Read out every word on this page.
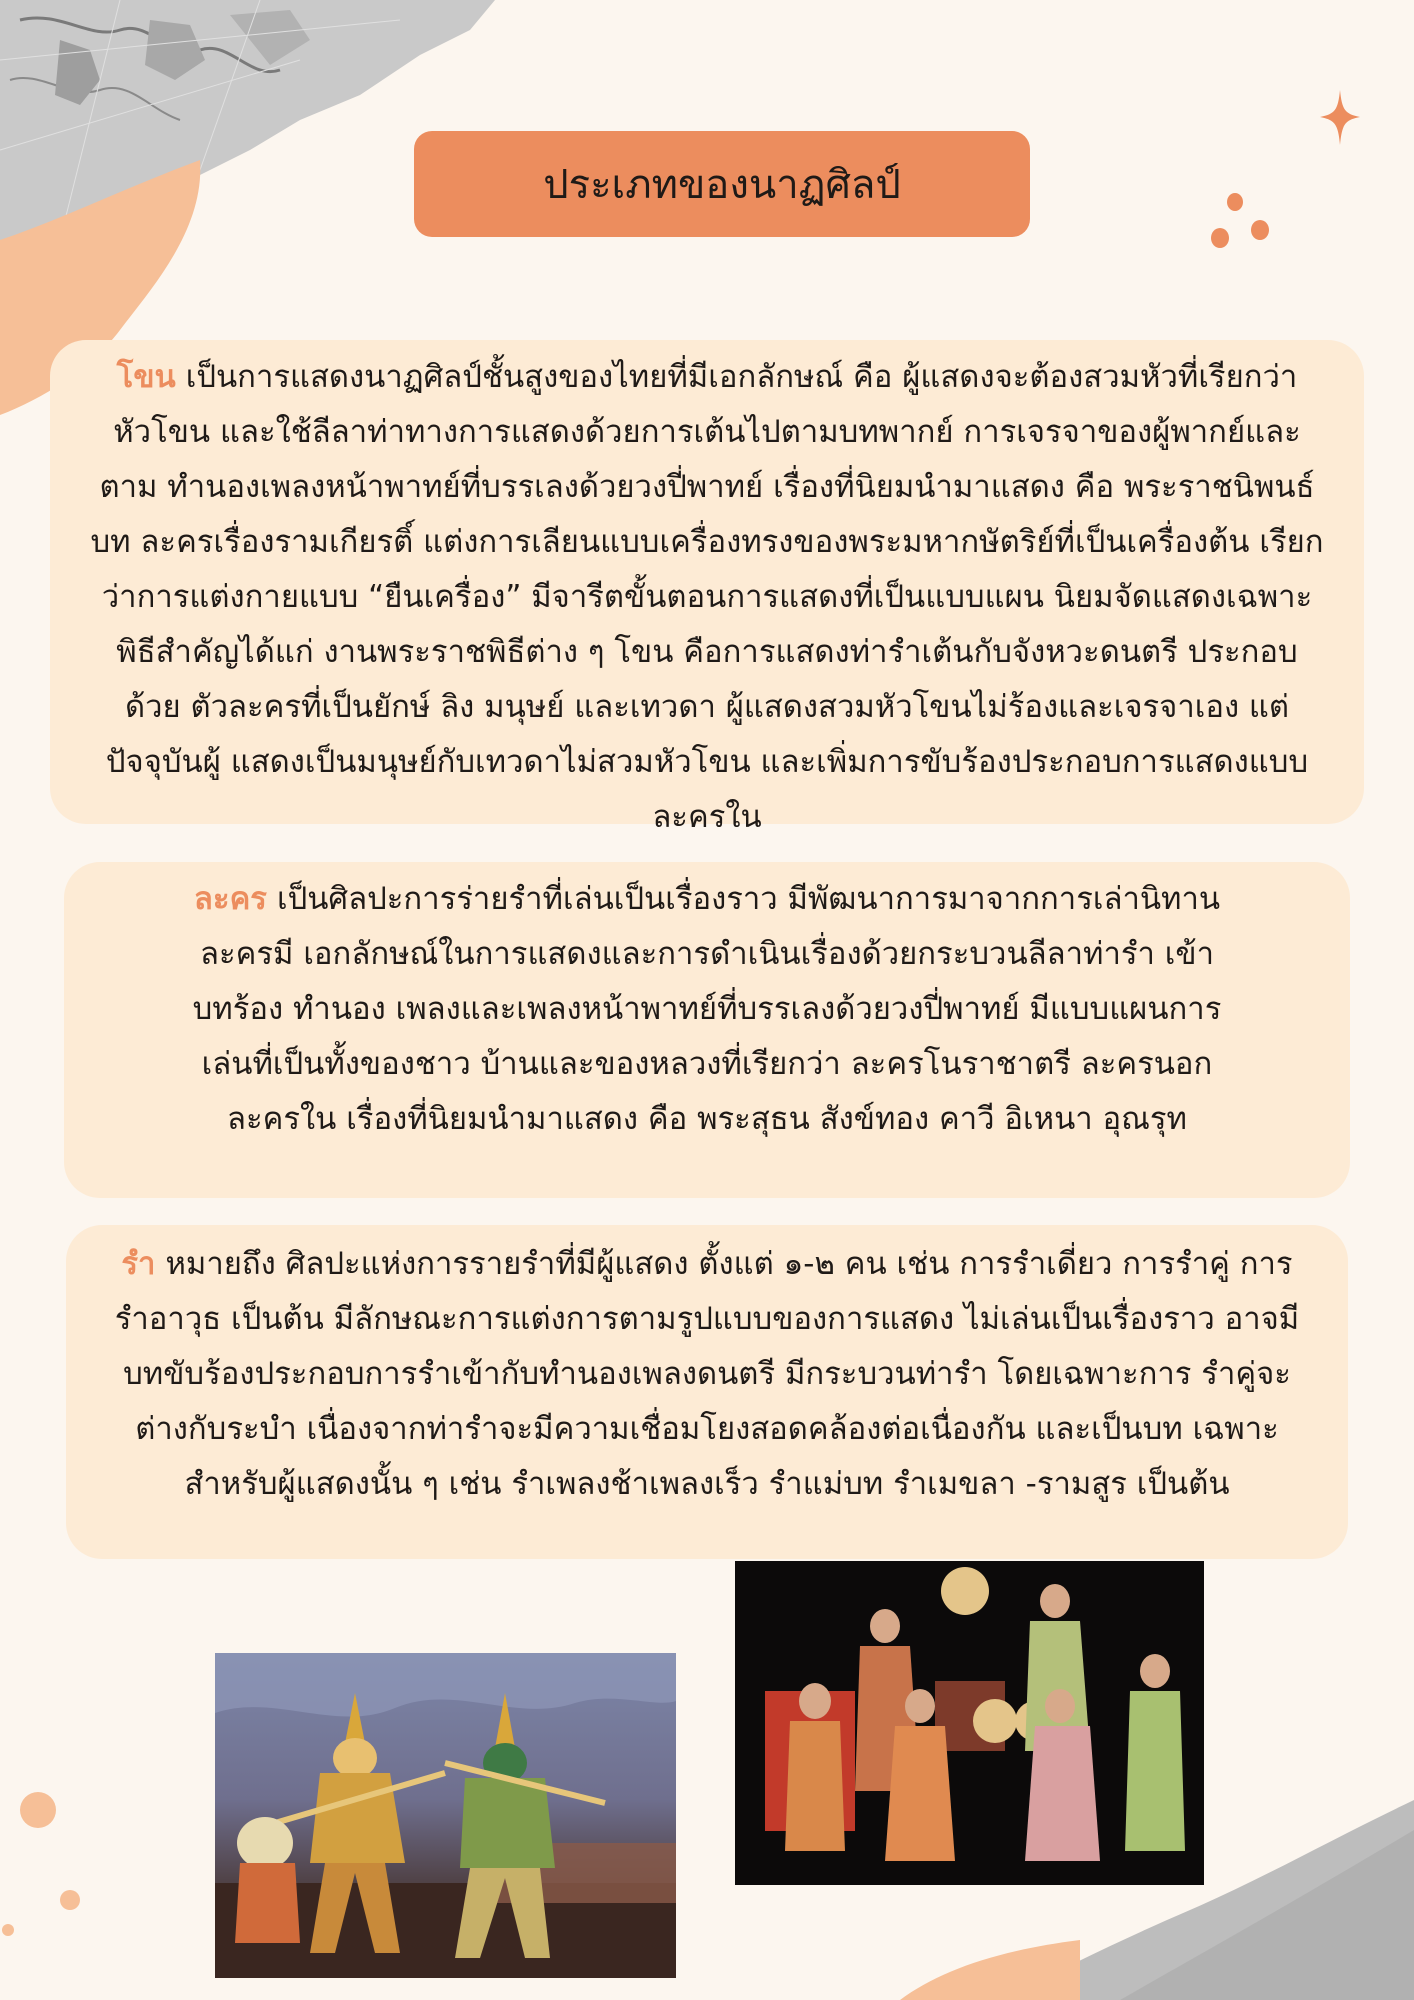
ประเภทของนาฏศิลป์

โขน เป็นการแสดงนาฏศิลป์ชั้นสูงของไทยที่มีเอกลักษณ์ คือ ผู้แสดงจะต้องสวมหัวที่เรียกว่า หัวโขน และใช้ลีลาท่าทางการแสดงด้วยการเต้นไปตามบทพากย์ การเจรจาของผู้พากย์และตาม ทำนองเพลงหน้าพาทย์ที่บรรเลงด้วยวงปี่พาทย์ เรื่องที่นิยมนำมาแสดง คือ พระราชนิพนธ์บท ละครเรื่องรามเกียรติ์ แต่งการเลียนแบบเครื่องทรงของพระมหากษัตริย์ที่เป็นเครื่องต้น เรียก ว่าการแต่งกายแบบ “ยืนเครื่อง” มีจารีตขั้นตอนการแสดงที่เป็นแบบแผน นิยมจัดแสดงเฉพาะ พิธีสำคัญได้แก่ งานพระราชพิธีต่าง ๆ โขน คือการแสดงท่ารำเต้นกับจังหวะดนตรี ประกอบด้วย ตัวละครที่เป็นยักษ์ ลิง มนุษย์ และเทวดา ผู้แสดงสวมหัวโขนไม่ร้องและเจรจาเอง แต่ปัจจุบันผู้ แสดงเป็นมนุษย์กับเทวดาไม่สวมหัวโขน และเพิ่มการขับร้องประกอบการแสดงแบบละครใน

ละคร เป็นศิลปะการร่ายรำที่เล่นเป็นเรื่องราว มีพัฒนาการมาจากการเล่านิทาน ละครมี เอกลักษณ์ในการแสดงและการดำเนินเรื่องด้วยกระบวนลีลาท่ารำ เข้าบทร้อง ทำนอง เพลงและเพลงหน้าพาทย์ที่บรรเลงด้วยวงปี่พาทย์ มีแบบแผนการเล่นที่เป็นทั้งของชาว บ้านและของหลวงที่เรียกว่า ละครโนราชาตรี ละครนอก ละครใน เรื่องที่นิยมนำมาแสดง คือ พระสุธน สังข์ทอง คาวี อิเหนา อุณรุท

รำ หมายถึง ศิลปะแห่งการรายรำที่มีผู้แสดง ตั้งแต่ ๑-๒ คน เช่น การรำเดี่ยว การรำคู่ การรำอาวุธ เป็นต้น มีลักษณะการแต่งการตามรูปแบบของการแสดง ไม่เล่นเป็นเรื่องราว อาจมีบทขับร้องประกอบการรำเข้ากับทำนองเพลงดนตรี มีกระบวนท่ารำ โดยเฉพาะการ รำคู่จะต่างกับระบำ เนื่องจากท่ารำจะมีความเชื่อมโยงสอดคล้องต่อเนื่องกัน และเป็นบท เฉพาะสำหรับผู้แสดงนั้น ๆ เช่น รำเพลงช้าเพลงเร็ว รำแม่บท รำเมขลา -รามสูร เป็นต้น
